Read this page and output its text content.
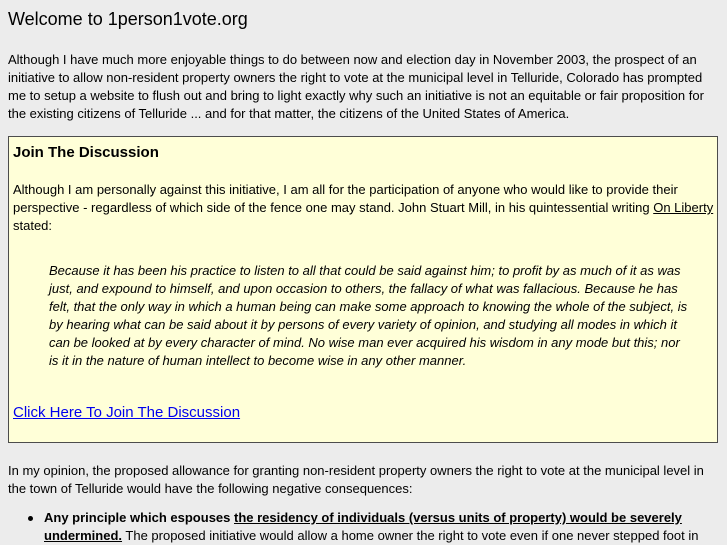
Welcome to 1person1vote.org

Although I have much more enjoyable things to do between now and election day in November 2003, the prospect of an initiative to allow non-resident property owners the right to vote at the municipal level in Telluride, Colorado has prompted me to setup a website to flush out and bring to light exactly why such an initiative is not an equitable or fair proposition for the existing citizens of Telluride ... and for that matter, the citizens of the United States of America.

Join The Discussion

Although I am personally against this initiative, I am all for the participation of anyone who would like to provide their perspective - regardless of which side of the fence one may stand. John Stuart Mill, in his quintessential writing On Liberty stated:

Because it has been his practice to listen to all that could be said against him; to profit by as much of it as was just, and expound to himself, and upon occasion to others, the fallacy of what was fallacious. Because he has felt, that the only way in which a human being can make some approach to knowing the whole of the subject, is by hearing what can be said about it by persons of every variety of opinion, and studying all modes in which it can be looked at by every character of mind. No wise man ever acquired his wisdom in any mode but this; nor is it in the nature of human intellect to become wise in any other manner.
Click Here To Join The Discussion

In my opinion, the proposed allowance for granting non-resident property owners the right to vote at the municipal level in the town of Telluride would have the following negative consequences:

Any principle which espouses the residency of individuals (versus units of property) would be severely undermined. The proposed initiative would allow a home owner the right to vote even if one never stepped foot in
